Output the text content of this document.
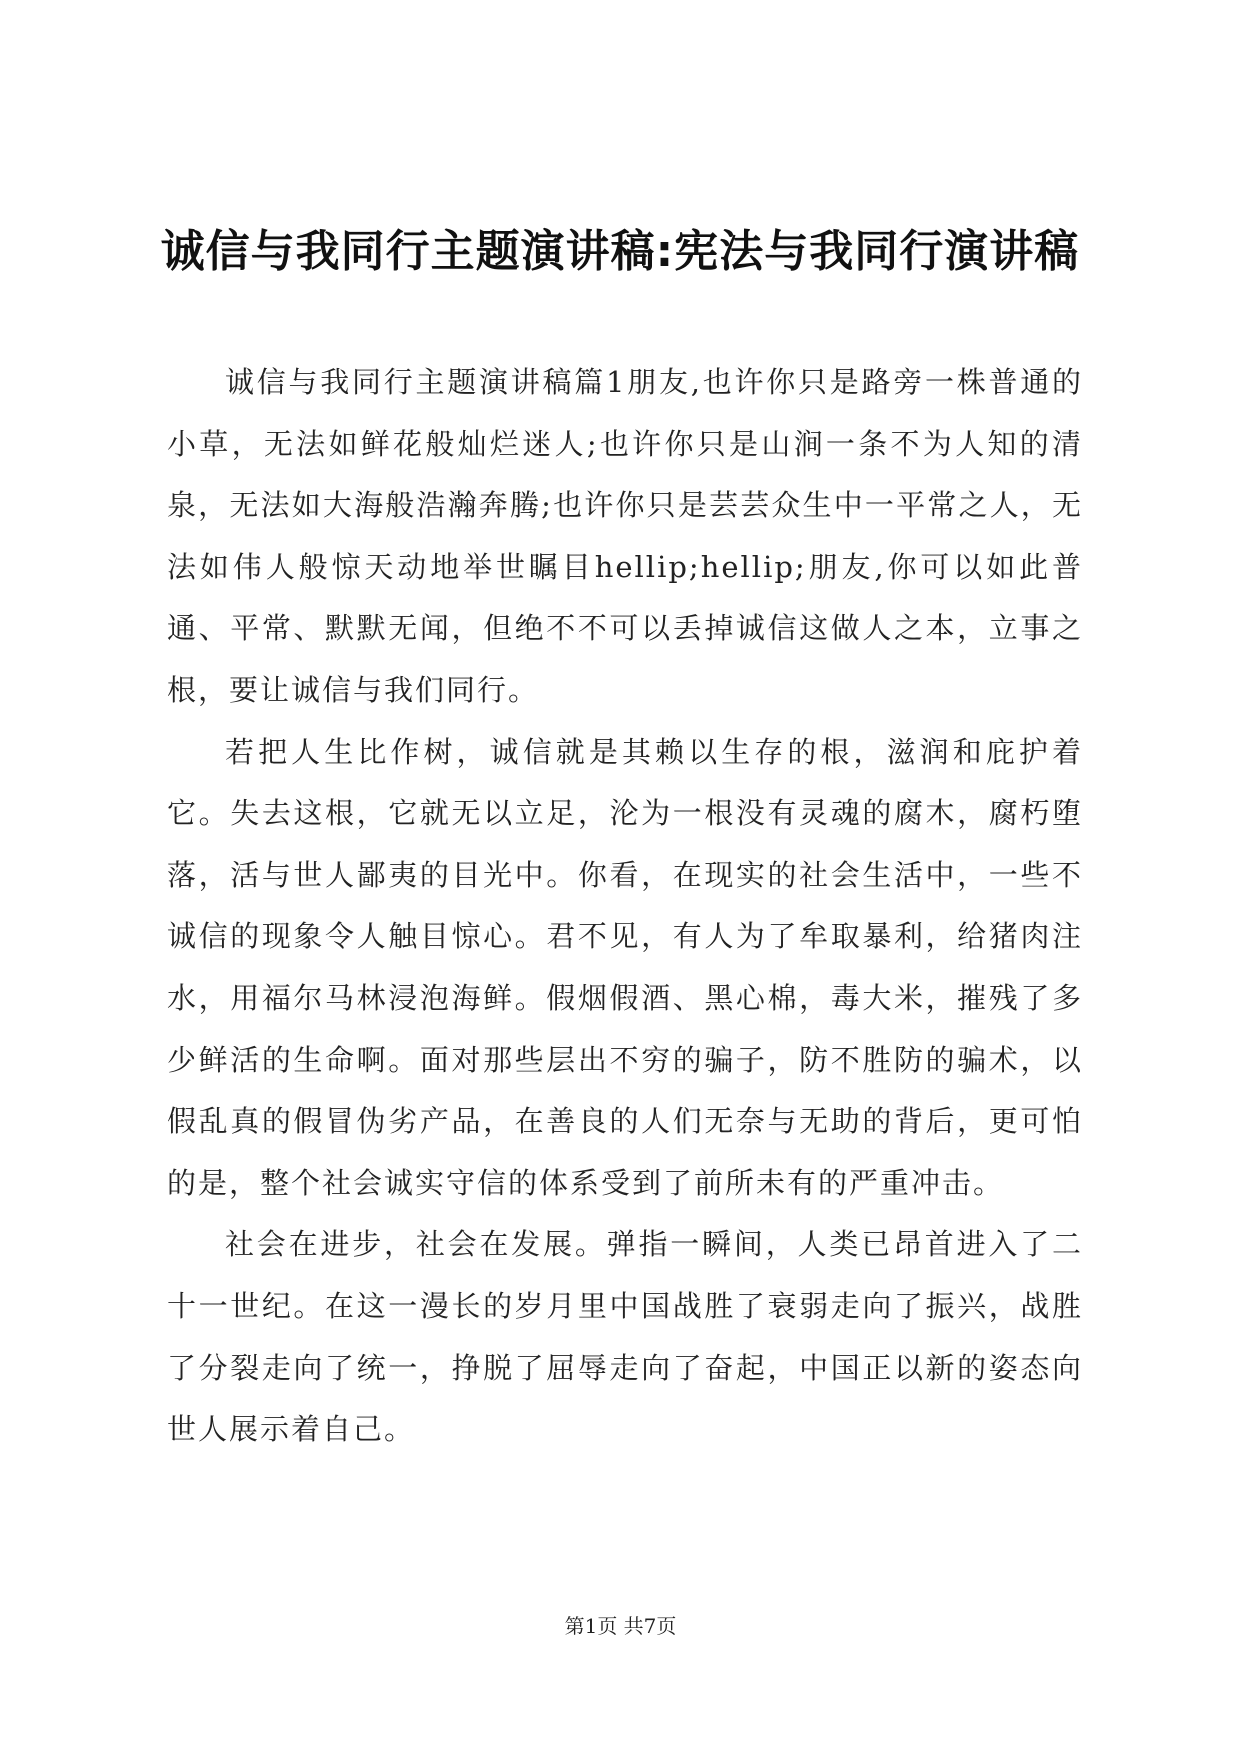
诚信与我同行主题演讲稿:宪法与我同行演讲稿

诚信与我同行主题演讲稿篇1朋友,也许你只是路旁一株普通的小草，无法如鲜花般灿烂迷人;也许你只是山涧一条不为人知的清泉，无法如大海般浩瀚奔腾;也许你只是芸芸众生中一平常之人，无法如伟人般惊天动地举世瞩目hellip;hellip;朋友,你可以如此普通、平常、默默无闻，但绝不不可以丢掉诚信这做人之本，立事之根，要让诚信与我们同行。

若把人生比作树，诚信就是其赖以生存的根，滋润和庇护着它。失去这根，它就无以立足，沦为一根没有灵魂的腐木，腐朽堕落，活与世人鄙夷的目光中。你看，在现实的社会生活中，一些不诚信的现象令人触目惊心。君不见，有人为了牟取暴利，给猪肉注水，用福尔马林浸泡海鲜。假烟假酒、黑心棉，毒大米，摧残了多少鲜活的生命啊。面对那些层出不穷的骗子，防不胜防的骗术，以假乱真的假冒伪劣产品，在善良的人们无奈与无助的背后，更可怕的是，整个社会诚实守信的体系受到了前所未有的严重冲击。

社会在进步，社会在发展。弹指一瞬间，人类已昂首进入了二十一世纪。在这一漫长的岁月里中国战胜了衰弱走向了振兴，战胜了分裂走向了统一，挣脱了屈辱走向了奋起，中国正以新的姿态向世人展示着自己。

第1页 共7页
